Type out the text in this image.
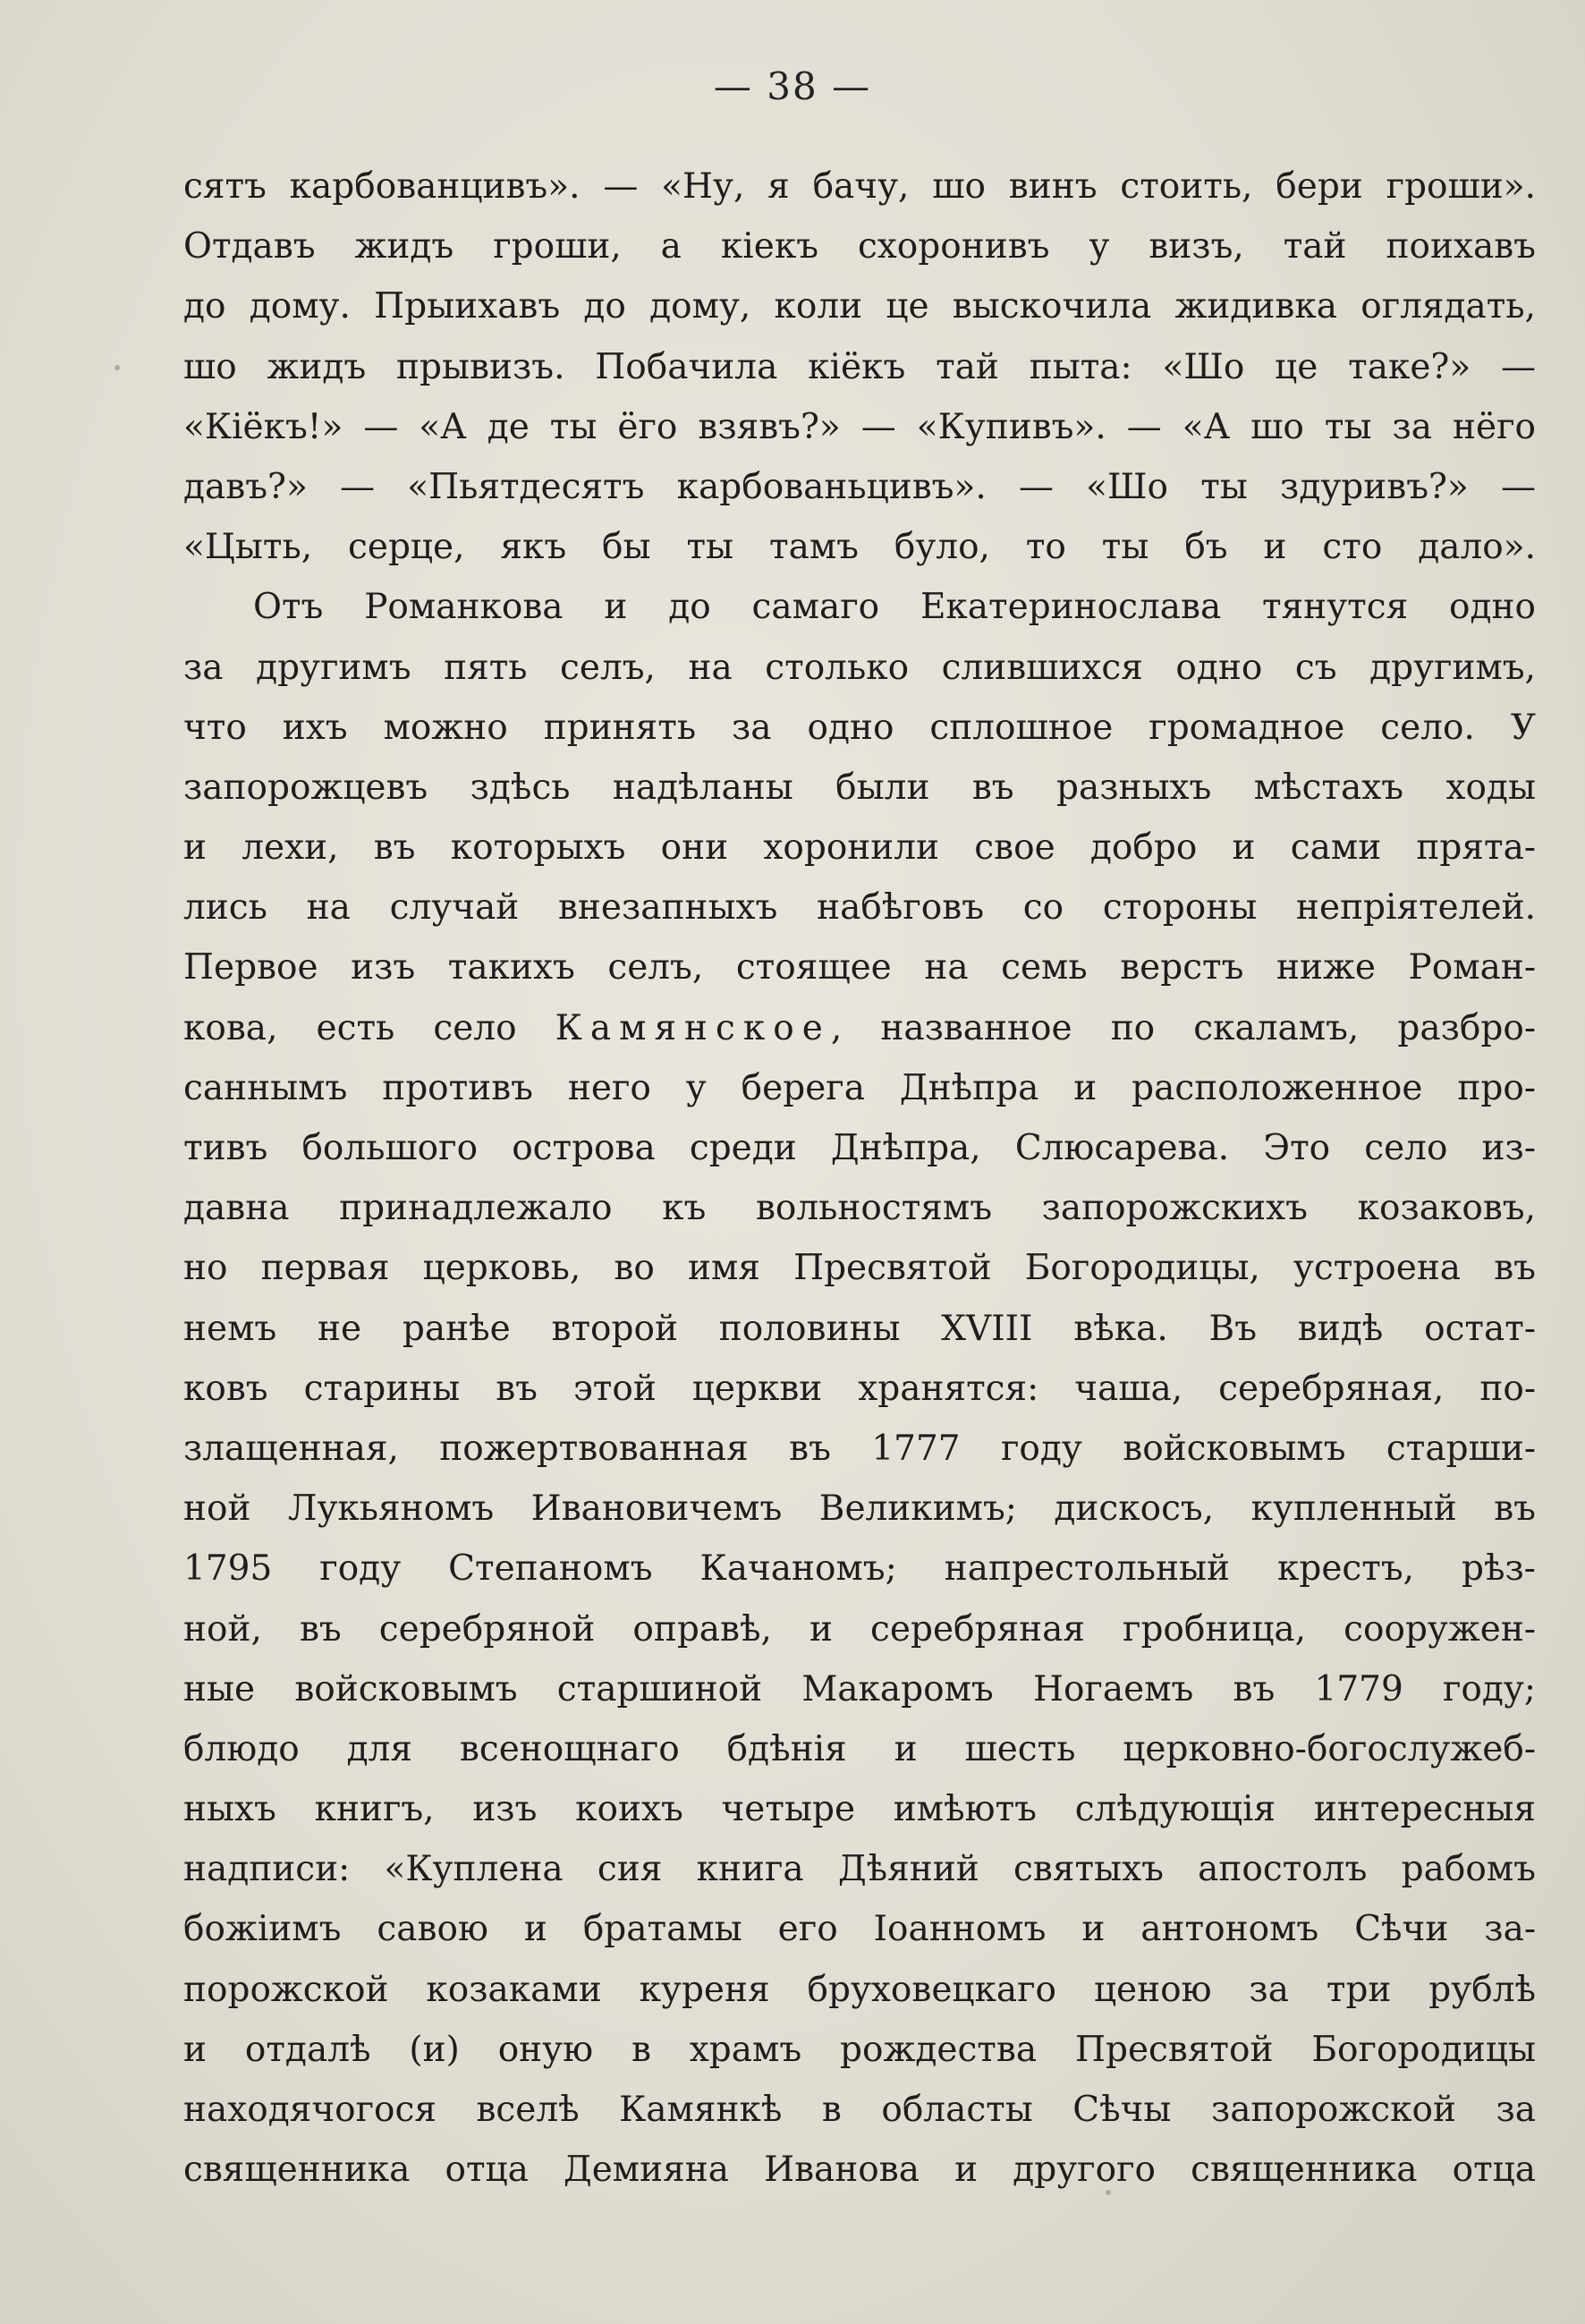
— 38 —
сятъ карбованцивъ». — «Ну, я бачу, шо винъ стоить, бери гроши».
Отдавъ жидъ гроши, а кiекъ схоронивъ у визъ, тай поихавъ
до дому. Прыихавъ до дому, коли це выскочила жидивка оглядать,
шо жидъ прывизъ. Побачила кiёкъ тай пыта: «Шо це таке?» —
«Кiёкъ!» — «А де ты ёго взявъ?» — «Купивъ». — «А шо ты за нёго
давъ?» — «Пьятдесятъ карбованьцивъ». — «Шо ты здуривъ?» —
«Цыть, серце, якъ бы ты тамъ було, то ты бъ и сто дало».
Отъ Романкова и до самаго Екатеринослава тянутся одно
за другимъ пять селъ, на столько слившихся одно съ другимъ,
что ихъ можно принять за одно сплошное громадное село. У
запорожцевъ здѣсь надѣланы были въ разныхъ мѣстахъ ходы
и лехи, въ которыхъ они хоронили свое добро и сами прята-
лись на случай внезапныхъ набѣговъ со стороны непрiятелей.
Первое изъ такихъ селъ, стоящее на семь верстъ ниже Роман-
кова, есть село Камянское, названное по скаламъ, разбро-
саннымъ противъ него у берега Днѣпра и расположенное про-
тивъ большого острова среди Днѣпра, Слюсарева. Это село из-
давна принадлежало къ вольностямъ запорожскихъ козаковъ,
но первая церковь, во имя Пресвятой Богородицы, устроена въ
немъ не ранѣе второй половины XVIII вѣка. Въ видѣ остат-
ковъ старины въ этой церкви хранятся: чаша, серебряная, по-
злащенная, пожертвованная въ 1777 году войсковымъ старши-
ной Лукьяномъ Ивановичемъ Великимъ; дискосъ, купленный въ
1795 году Степаномъ Качаномъ; напрестольный крестъ, рѣз-
ной, въ серебряной оправѣ, и серебряная гробница, сооружен-
ные войсковымъ старшиной Макаромъ Ногаемъ въ 1779 году;
блюдо для всенощнаго бдѣнiя и шесть церковно-богослужеб-
ныхъ книгъ, изъ коихъ четыре имѣютъ слѣдующiя интересныя
надписи: «Куплена сия книга Дѣяний святыхъ апостолъ рабомъ
божiимъ савою и братамы его Iоанномъ и антономъ Сѣчи за-
порожской козаками куреня бруховецкаго ценою за три рублѣ
и отдалѣ (и) оную в храмъ рождества Пресвятой Богородицы
находячогося вселѣ Камянкѣ в областы Сѣчы запорожской за
священника отца Демияна Иванова и другого священника отца
